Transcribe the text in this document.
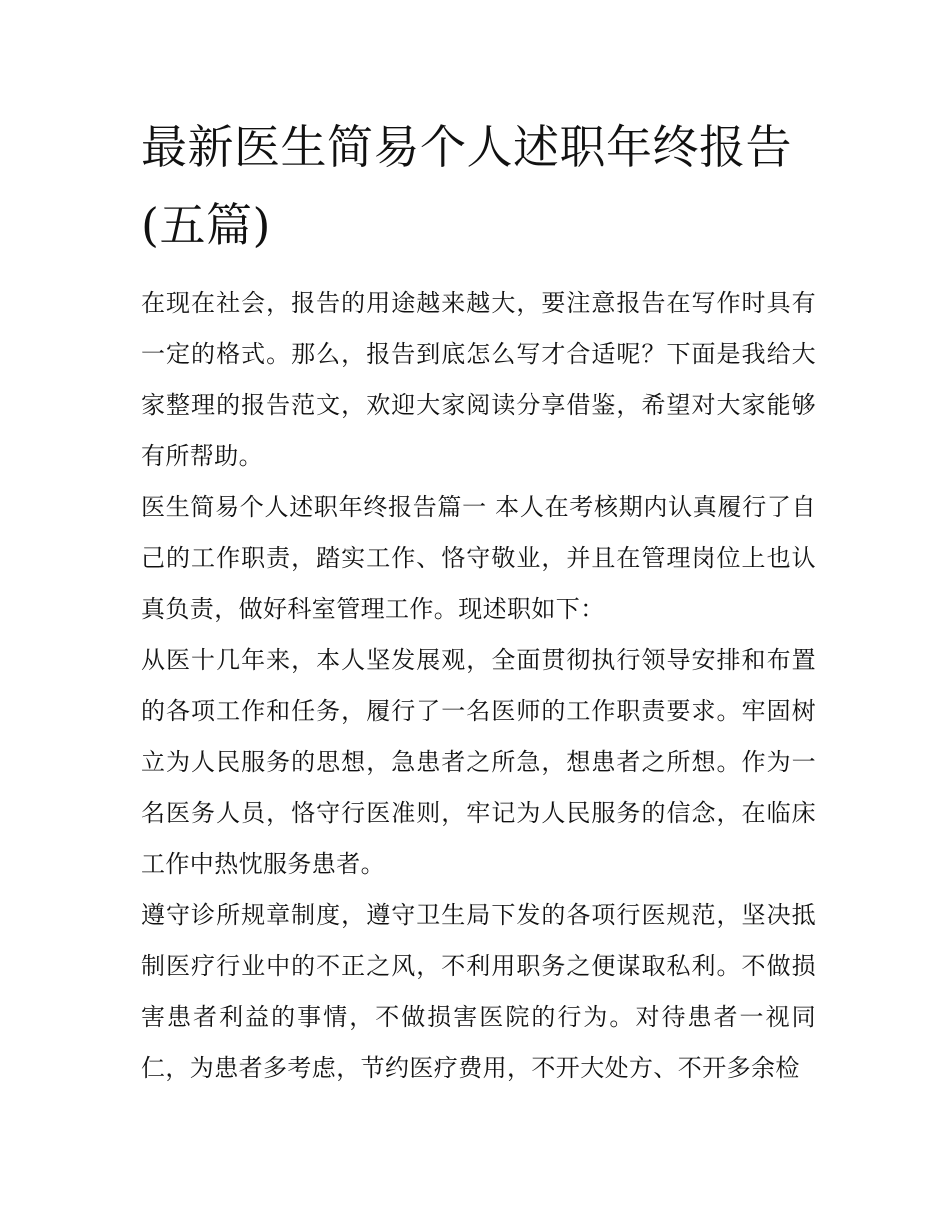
最新医生简易个人述职年终报告(五篇)

在现在社会，报告的用途越来越大，要注意报告在写作时具有一定的格式。那么，报告到底怎么写才合适呢？下面是我给大家整理的报告范文，欢迎大家阅读分享借鉴，希望对大家能够有所帮助。

医生简易个人述职年终报告篇一 本人在考核期内认真履行了自己的工作职责，踏实工作、恪守敬业，并且在管理岗位上也认真负责，做好科室管理工作。现述职如下：

从医十几年来，本人坚发展观，全面贯彻执行领导安排和布置的各项工作和任务，履行了一名医师的工作职责要求。牢固树立为人民服务的思想，急患者之所急，想患者之所想。作为一名医务人员，恪守行医准则，牢记为人民服务的信念，在临床工作中热忱服务患者。

遵守诊所规章制度，遵守卫生局下发的各项行医规范，坚决抵制医疗行业中的不正之风，不利用职务之便谋取私利。不做损害患者利益的事情，不做损害医院的行为。对待患者一视同仁，为患者多考虑，节约医疗费用，不开大处方、不开多余检
